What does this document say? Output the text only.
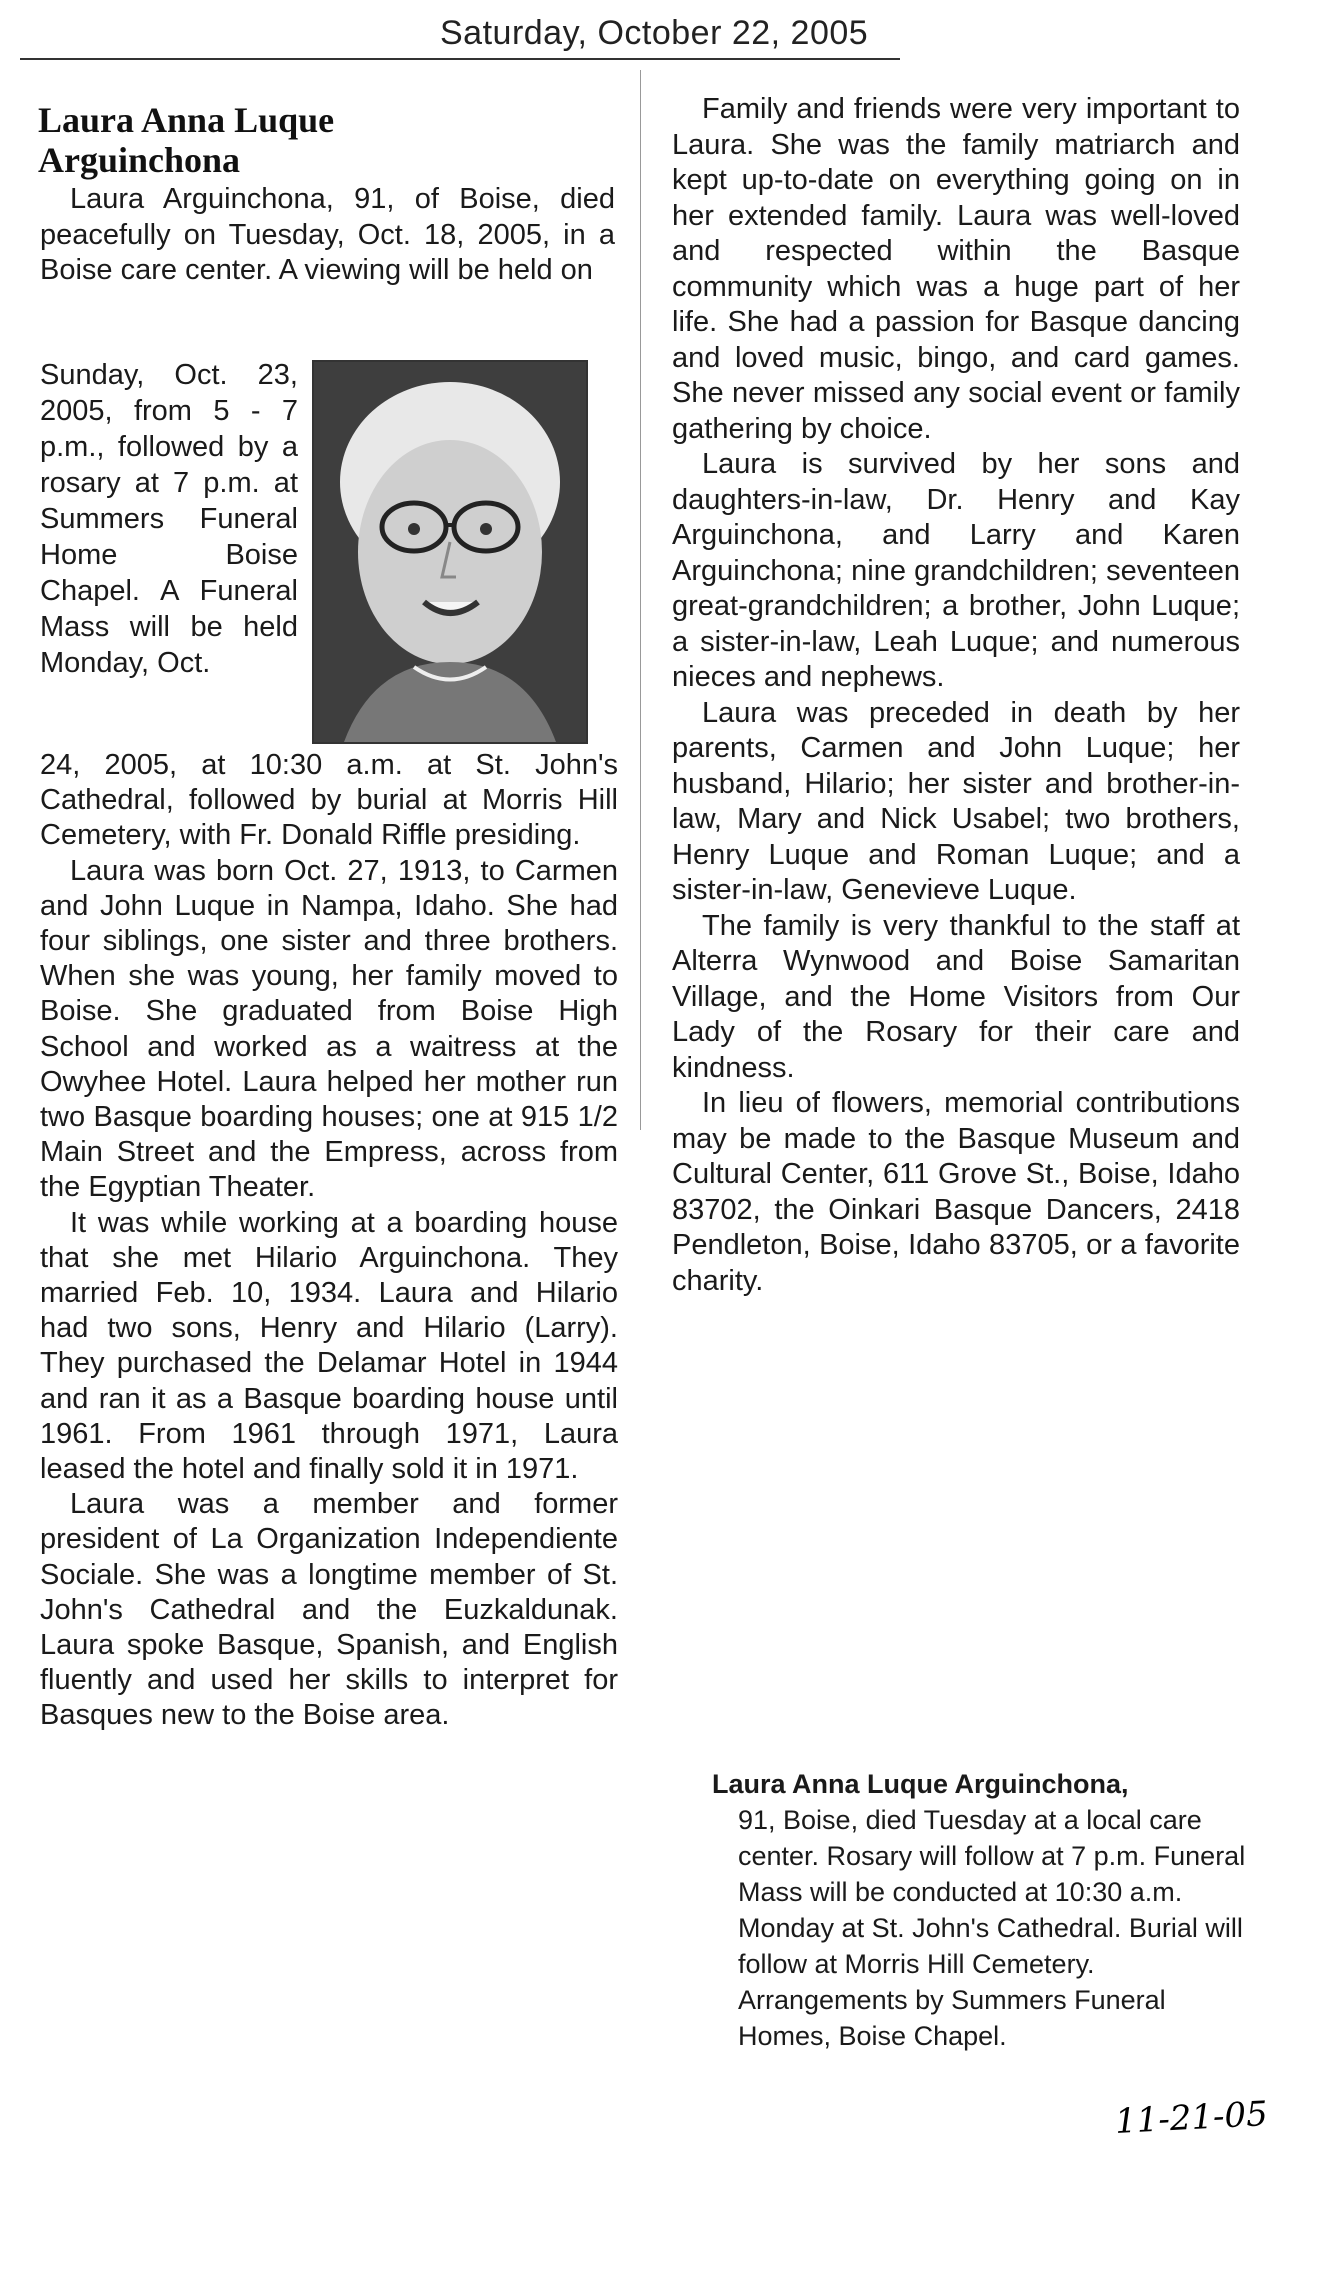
Saturday, October 22, 2005
Laura Anna Luque
Arguinchona
Laura Arguinchona, 91, of Boise, died peacefully on Tuesday, Oct. 18, 2005, in a Boise care center. A viewing will be held on
Sunday, Oct. 23, 2005, from 5 - 7 p.m., followed by a rosary at 7 p.m. at Summers Funeral Home Boise Chapel. A Funeral Mass will be held Monday, Oct.

24, 2005, at 10:30 a.m. at St. John's Cathedral, followed by burial at Morris Hill Cemetery, with Fr. Donald Riffle presiding.

Laura was born Oct. 27, 1913, to Carmen and John Luque in Nampa, Idaho. She had four siblings, one sister and three brothers. When she was young, her family moved to Boise. She graduated from Boise High School and worked as a waitress at the Owyhee Hotel. Laura helped her mother run two Basque boarding houses; one at 915 1/2 Main Street and the Empress, across from the Egyptian Theater.

It was while working at a boarding house that she met Hilario Arguinchona. They married Feb. 10, 1934. Laura and Hilario had two sons, Henry and Hilario (Larry). They purchased the Delamar Hotel in 1944 and ran it as a Basque boarding house until 1961. From 1961 through 1971, Laura leased the hotel and finally sold it in 1971.

Laura was a member and former president of La Organization Independiente Sociale. She was a longtime member of St. John's Cathedral and the Euzkaldunak. Laura spoke Basque, Spanish, and English fluently and used her skills to interpret for Basques new to the Boise area.

Family and friends were very important to Laura. She was the family matriarch and kept up-to-date on everything going on in her extended family. Laura was well-loved and respected within the Basque community which was a huge part of her life. She had a passion for Basque dancing and loved music, bingo, and card games. She never missed any social event or family gathering by choice.

Laura is survived by her sons and daughters-in-law, Dr. Henry and Kay Arguinchona, and Larry and Karen Arguinchona; nine grandchildren; seventeen great-grandchildren; a brother, John Luque; a sister-in-law, Leah Luque; and numerous nieces and nephews.

Laura was preceded in death by her parents, Carmen and John Luque; her husband, Hilario; her sister and brother-in-law, Mary and Nick Usabel; two brothers, Henry Luque and Roman Luque; and a sister-in-law, Genevieve Luque.

The family is very thankful to the staff at Alterra Wynwood and Boise Samaritan Village, and the Home Visitors from Our Lady of the Rosary for their care and kindness.

In lieu of flowers, memorial contributions may be made to the Basque Museum and Cultural Center, 611 Grove St., Boise, Idaho 83702, the Oinkari Basque Dancers, 2418 Pendleton, Boise, Idaho 83705, or a favorite charity.

Laura Anna Luque Arguinchona,
91, Boise, died Tuesday at a local care center. Rosary will follow at 7 p.m. Funeral Mass will be conducted at 10:30 a.m. Monday at St. John's Cathedral. Burial will follow at Morris Hill Cemetery. Arrangements by Summers Funeral Homes, Boise Chapel.
11-21-05
